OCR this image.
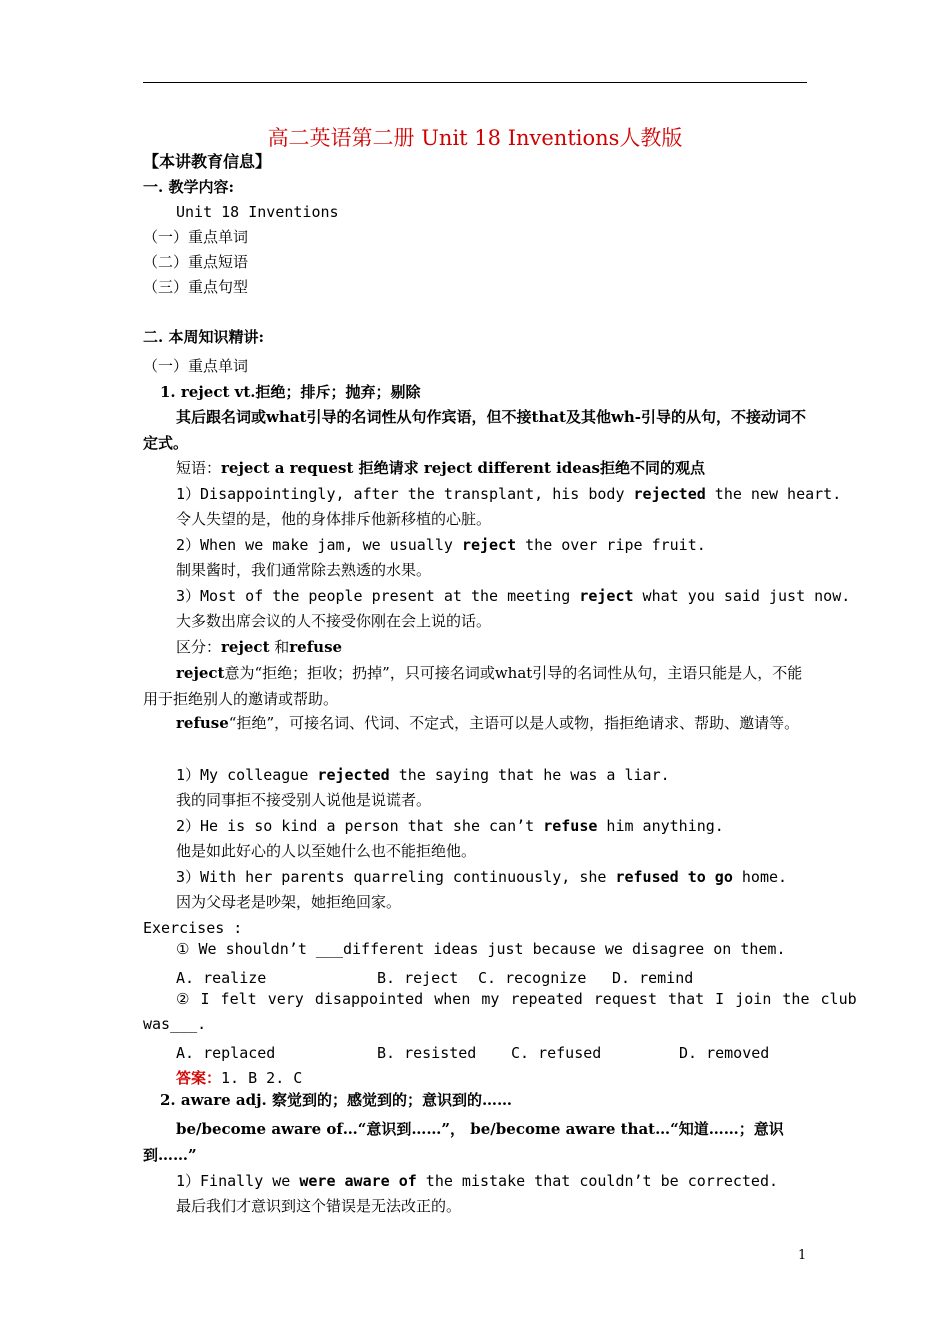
高二英语第二册 Unit 18 Inventions人教版
【本讲教育信息】
一. 教学内容:
Unit 18 Inventions
（一）重点单词
（二）重点短语
（三）重点句型
二. 本周知识精讲:
（一）重点单词
1. reject vt.拒绝；排斥；抛弃；剔除
其后跟名词或what引导的名词性从句作宾语，但不接that及其他wh-引导的从句，不接动词不定式。
短语：reject a request 拒绝请求 reject different ideas拒绝不同的观点
1）Disappointingly, after the transplant, his body rejected the new heart.
令人失望的是，他的身体排斥他新移植的心脏。
2）When we make jam, we usually reject the over ripe fruit.
制果酱时，我们通常除去熟透的水果。
3）Most of the people present at the meeting reject what you said just now.
大多数出席会议的人不接受你刚在会上说的话。
区分：reject 和refuse
reject意为“拒绝；拒收；扔掉”，只可接名词或what引导的名词性从句，主语只能是人，不能用于拒绝别人的邀请或帮助。
refuse“拒绝”，可接名词、代词、不定式，主语可以是人或物，指拒绝请求、帮助、邀请等。
1）My colleague rejected the saying that he was a liar.
我的同事拒不接受别人说他是说谎者。
2）He is so kind a person that she can’t refuse him anything.
他是如此好心的人以至她什么也不能拒绝他。
3）With her parents quarreling continuously, she refused to go home.
因为父母老是吵架，她拒绝回家。
Exercises :
① We shouldn’t ___different ideas just because we disagree on them.
A. realize	B. reject C. recognize D. remind
② I felt very disappointed when my repeated request that I join the club
was___.
A. replaced	B. resisted C. refused	D. removed
答案：1. B 2. C
2. aware adj. 察觉到的；感觉到的；意识到的……
be/become aware of…“意识到……”， be/become aware that…“知道……；意识到……”
1）Finally we were aware of the mistake that couldn’t be corrected.
最后我们才意识到这个错误是无法改正的。
1
